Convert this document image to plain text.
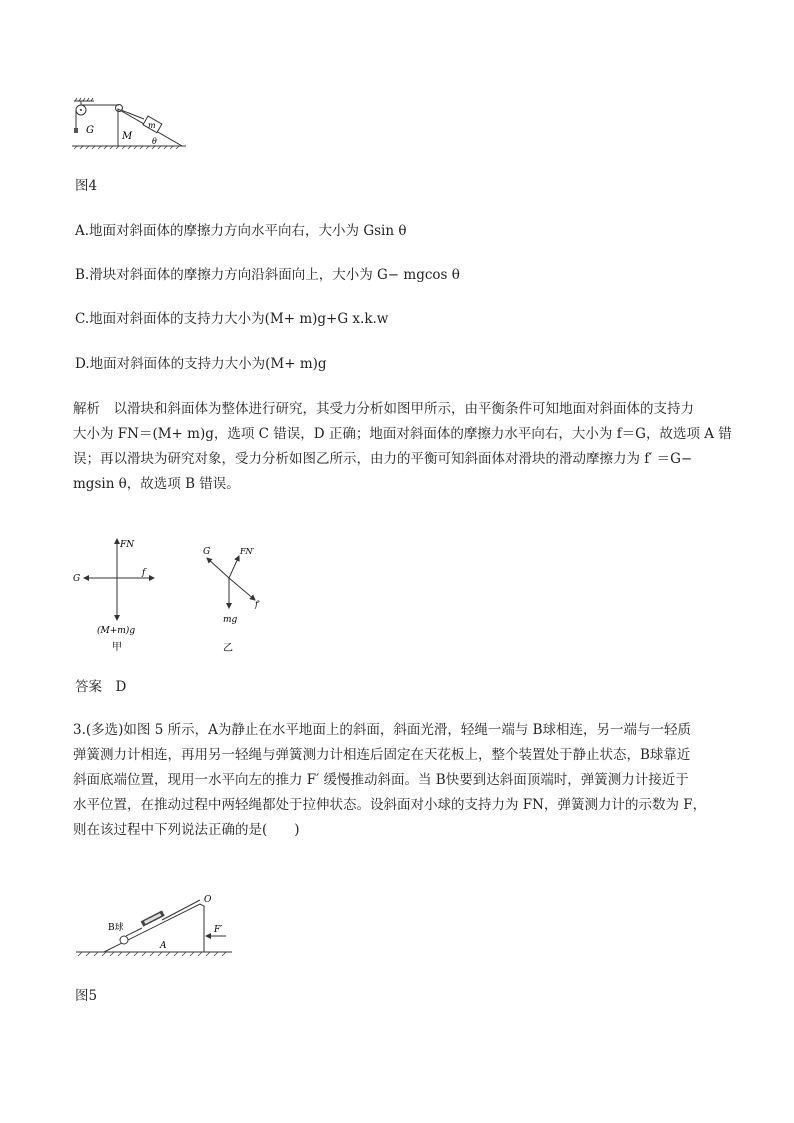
G
M
m
θ
图4
A.地面对斜面体的摩擦力方向水平向右，大小为 Gsin θ
B.滑块对斜面体的摩擦力方向沿斜面向上，大小为 G− mgcos θ
C.地面对斜面体的支持力大小为(M+ m)g+G x.k.w
D.地面对斜面体的支持力大小为(M+ m)g
解析　以滑块和斜面体为整体进行研究，其受力分析如图甲所示，由平衡条件可知地面对斜面体的支持力
大小为 FN＝(M+ m)g，选项 C 错误，D 正确；地面对斜面体的摩擦力水平向右，大小为 f＝G，故选项 A 错
误；再以滑块为研究对象，受力分析如图乙所示，由力的平衡可知斜面体对滑块的滑动摩擦力为 f′ ＝G−
mgsin θ，故选项 B 错误。
FN
G
f
(M+m)g
甲
G	FN′
f′
mg
乙
答案　D
3.(多选)如图 5 所示，A为静止在水平地面上的斜面，斜面光滑，轻绳一端与 B球相连，另一端与一轻质
弹簧测力计相连，再用另一轻绳与弹簧测力计相连后固定在天花板上，整个装置处于静止状态，B球靠近
斜面底端位置，现用一水平向左的推力 F′ 缓慢推动斜面。当 B快要到达斜面顶端时，弹簧测力计接近于
水平位置，在推动过程中两轻绳都处于拉伸状态。设斜面对小球的支持力为 FN，弹簧测力计的示数为 F，
则在该过程中下列说法正确的是(　　)
O
B球
A
F′
图5
